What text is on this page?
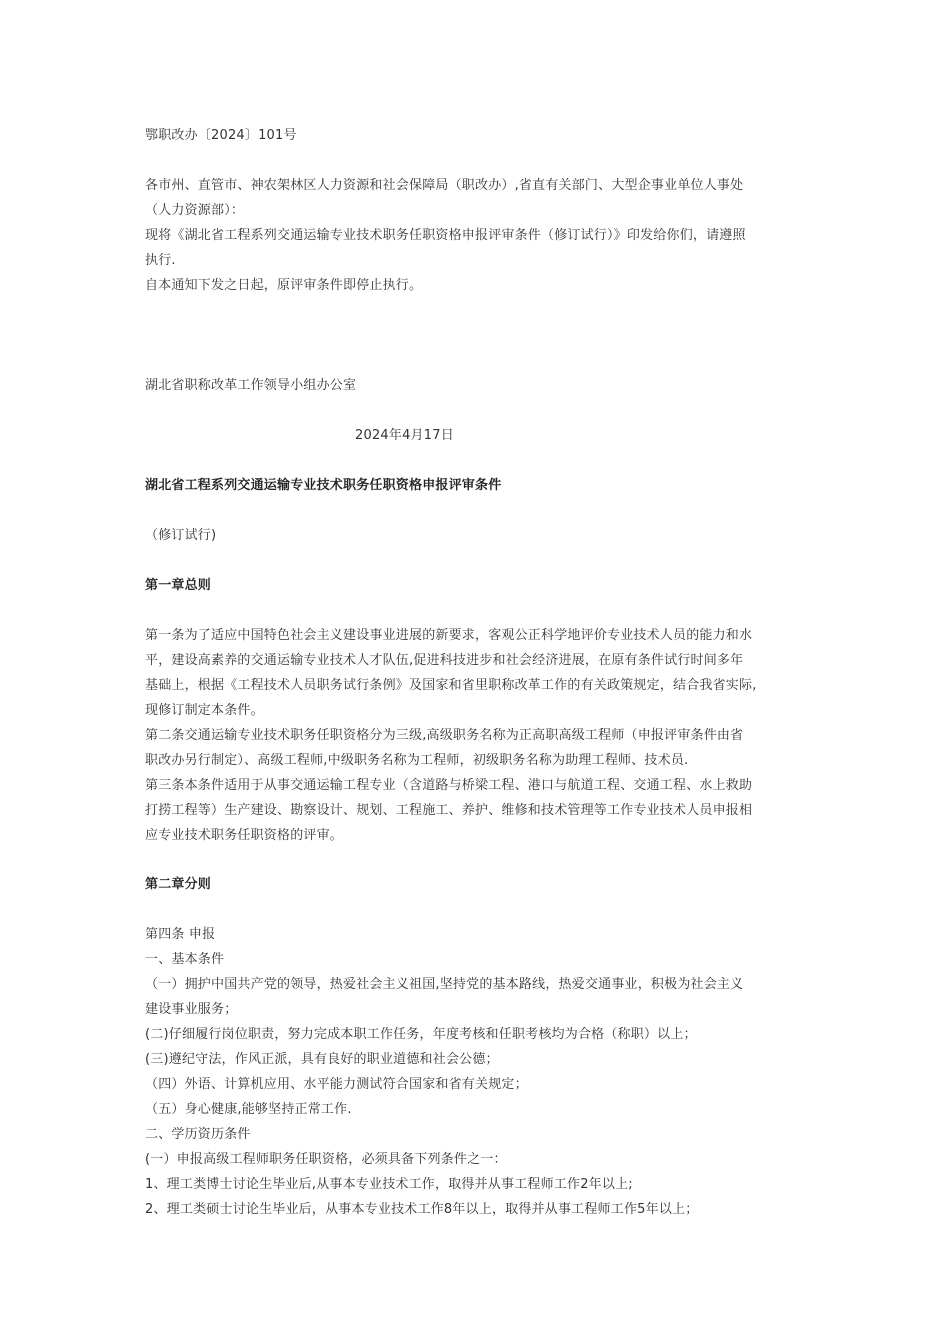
鄂职改办〔2024〕101号
各市州、直管市、神农架林区人力资源和社会保障局（职改办）,省直有关部门、大型企事业单位人事处
（人力资源部）：
现将《湖北省工程系列交通运输专业技术职务任职资格申报评审条件（修订试行）》印发给你们，请遵照
执行.
自本通知下发之日起，原评审条件即停止执行。
湖北省职称改革工作领导小组办公室
2024年4月17日
湖北省工程系列交通运输专业技术职务任职资格申报评审条件
（修订试行)
第一章总则
第一条为了适应中国特色社会主义建设事业进展的新要求，客观公正科学地评价专业技术人员的能力和水
平，建设高素养的交通运输专业技术人才队伍,促进科技进步和社会经济进展，在原有条件试行时间多年
基础上，根据《工程技术人员职务试行条例》及国家和省里职称改革工作的有关政策规定，结合我省实际,
现修订制定本条件。
第二条交通运输专业技术职务任职资格分为三级,高级职务名称为正高职高级工程师（申报评审条件由省
职改办另行制定）、高级工程师,中级职务名称为工程师，初级职务名称为助理工程师、技术员.
第三条本条件适用于从事交通运输工程专业（含道路与桥梁工程、港口与航道工程、交通工程、水上救助
打捞工程等）生产建设、勘察设计、规划、工程施工、养护、维修和技术管理等工作专业技术人员申报相
应专业技术职务任职资格的评审。
第二章分则
第四条 申报
一、基本条件
（一）拥护中国共产党的领导，热爱社会主义祖国,坚持党的基本路线，热爱交通事业，积极为社会主义
建设事业服务；
(二)仔细履行岗位职责，努力完成本职工作任务，年度考核和任职考核均为合格（称职）以上；
(三)遵纪守法，作风正派，具有良好的职业道德和社会公德；
（四）外语、计算机应用、水平能力测试符合国家和省有关规定；
（五）身心健康,能够坚持正常工作.
二、学历资历条件
(一）申报高级工程师职务任职资格，必须具备下列条件之一：
1、理工类博士讨论生毕业后,从事本专业技术工作，取得并从事工程师工作2年以上;
2、理工类硕士讨论生毕业后，从事本专业技术工作8年以上，取得并从事工程师工作5年以上；
